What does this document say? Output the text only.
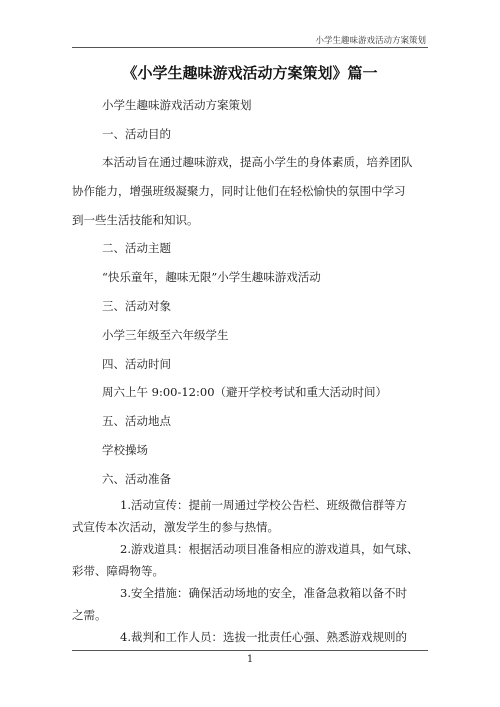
小学生趣味游戏活动方案策划
《小学生趣味游戏活动方案策划》篇一
小学生趣味游戏活动方案策划
一、活动目的
本活动旨在通过趣味游戏，提高小学生的身体素质，培养团队
协作能力，增强班级凝聚力，同时让他们在轻松愉快的氛围中学习
到一些生活技能和知识。
二、活动主题
“快乐童年，趣味无限”小学生趣味游戏活动
三、活动对象
小学三年级至六年级学生
四、活动时间
周六上午 9:00-12:00（避开学校考试和重大活动时间）
五、活动地点
学校操场
六、活动准备
1.活动宣传：提前一周通过学校公告栏、班级微信群等方
式宣传本次活动，激发学生的参与热情。
2.游戏道具：根据活动项目准备相应的游戏道具，如气球、
彩带、障碍物等。
3.安全措施：确保活动场地的安全，准备急救箱以备不时
1
之需。
4.裁判和工作人员：选拔一批责任心强、熟悉游戏规则的
